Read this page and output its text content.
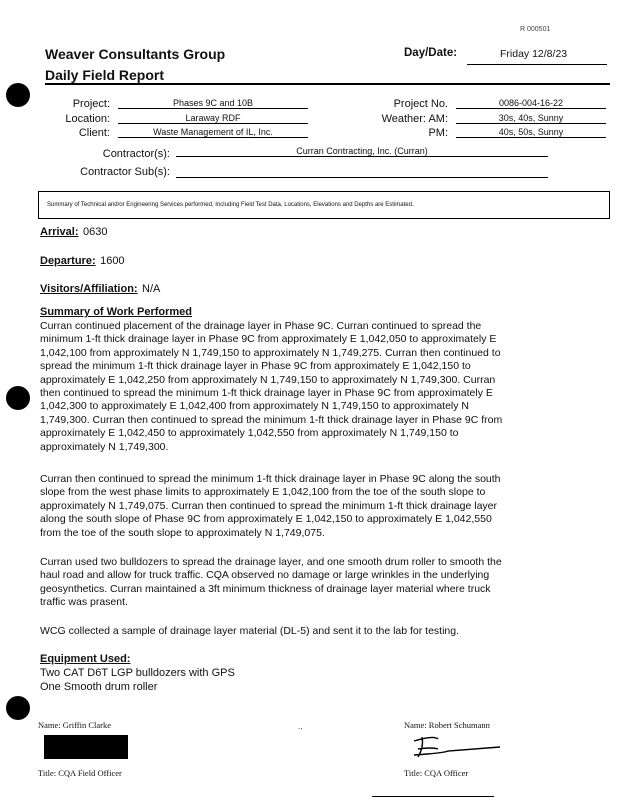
R 000501
Weaver Consultants Group
Daily Field Report
Day/Date:	Friday 12/8/23
Project:	Phases 9C and 10B
Location:	Laraway RDF
Client:	Waste Management of IL, Inc.
Project No.	0086-004-16-22
Weather: AM:	30s, 40s, Sunny
PM:	40s, 50s, Sunny
Contractor(s):	Curran Contracting, Inc. (Curran)
Contractor Sub(s):
Summary of Technical and/or Engineering Services performed, Including Field Test Data, Locations, Elevations and Depths are Estimated.
Arrival: 0630
Departure: 1600
Visitors/Affiliation: N/A
Summary of Work Performed
Curran continued placement of the drainage layer in Phase 9C. Curran continued to spread the
minimum 1-ft thick drainage layer in Phase 9C from approximately E 1,042,050 to approximately E
1,042,100 from approximately N 1,749,150 to approximately N 1,749,275. Curran then continued to
spread the minimum 1-ft thick drainage layer in Phase 9C from approximately E 1,042,150 to
approximately E 1,042,250 from approximately N 1,749,150 to approximately N 1,749,300. Curran
then continued to spread the minimum 1-ft thick drainage layer in Phase 9C from approximately E
1,042,300 to approximately E 1,042,400 from approximately N 1,749,150 to approximately N
1,749,300. Curran then continued to spread the minimum 1-ft thick drainage layer in Phase 9C from
approximately E 1,042,450 to approximately 1,042,550 from approximately N 1,749,150 to
approximately N 1,749,300.
Curran then continued to spread the minimum 1-ft thick drainage layer in Phase 9C along the south
slope from the west phase limits to approximately E 1,042,100 from the toe of the south slope to
approximately N 1,749,075. Curran then continued to spread the minimum 1-ft thick drainage layer
along the south slope of Phase 9C from approximately E 1,042,150 to approximately E 1,042,550
from the toe of the south slope to approximately N 1,749,075.
Curran used two bulldozers to spread the drainage layer, and one smooth drum roller to smooth the
haul road and allow for truck traffic. CQA observed no damage or large wrinkles in the underlying
geosynthetics. Curran maintained a 3ft minimum thickness of drainage layer material where truck
traffic was prasent.
WCG collected a sample of drainage layer material (DL-5) and sent it to the lab for testing.
Equipment Used:
Two CAT D6T LGP bulldozers with GPS
One Smooth drum roller
Name: Griffin Clarke
Title: CQA Field Officer
..	Name: Robert Schumann
Title: CQA Officer
